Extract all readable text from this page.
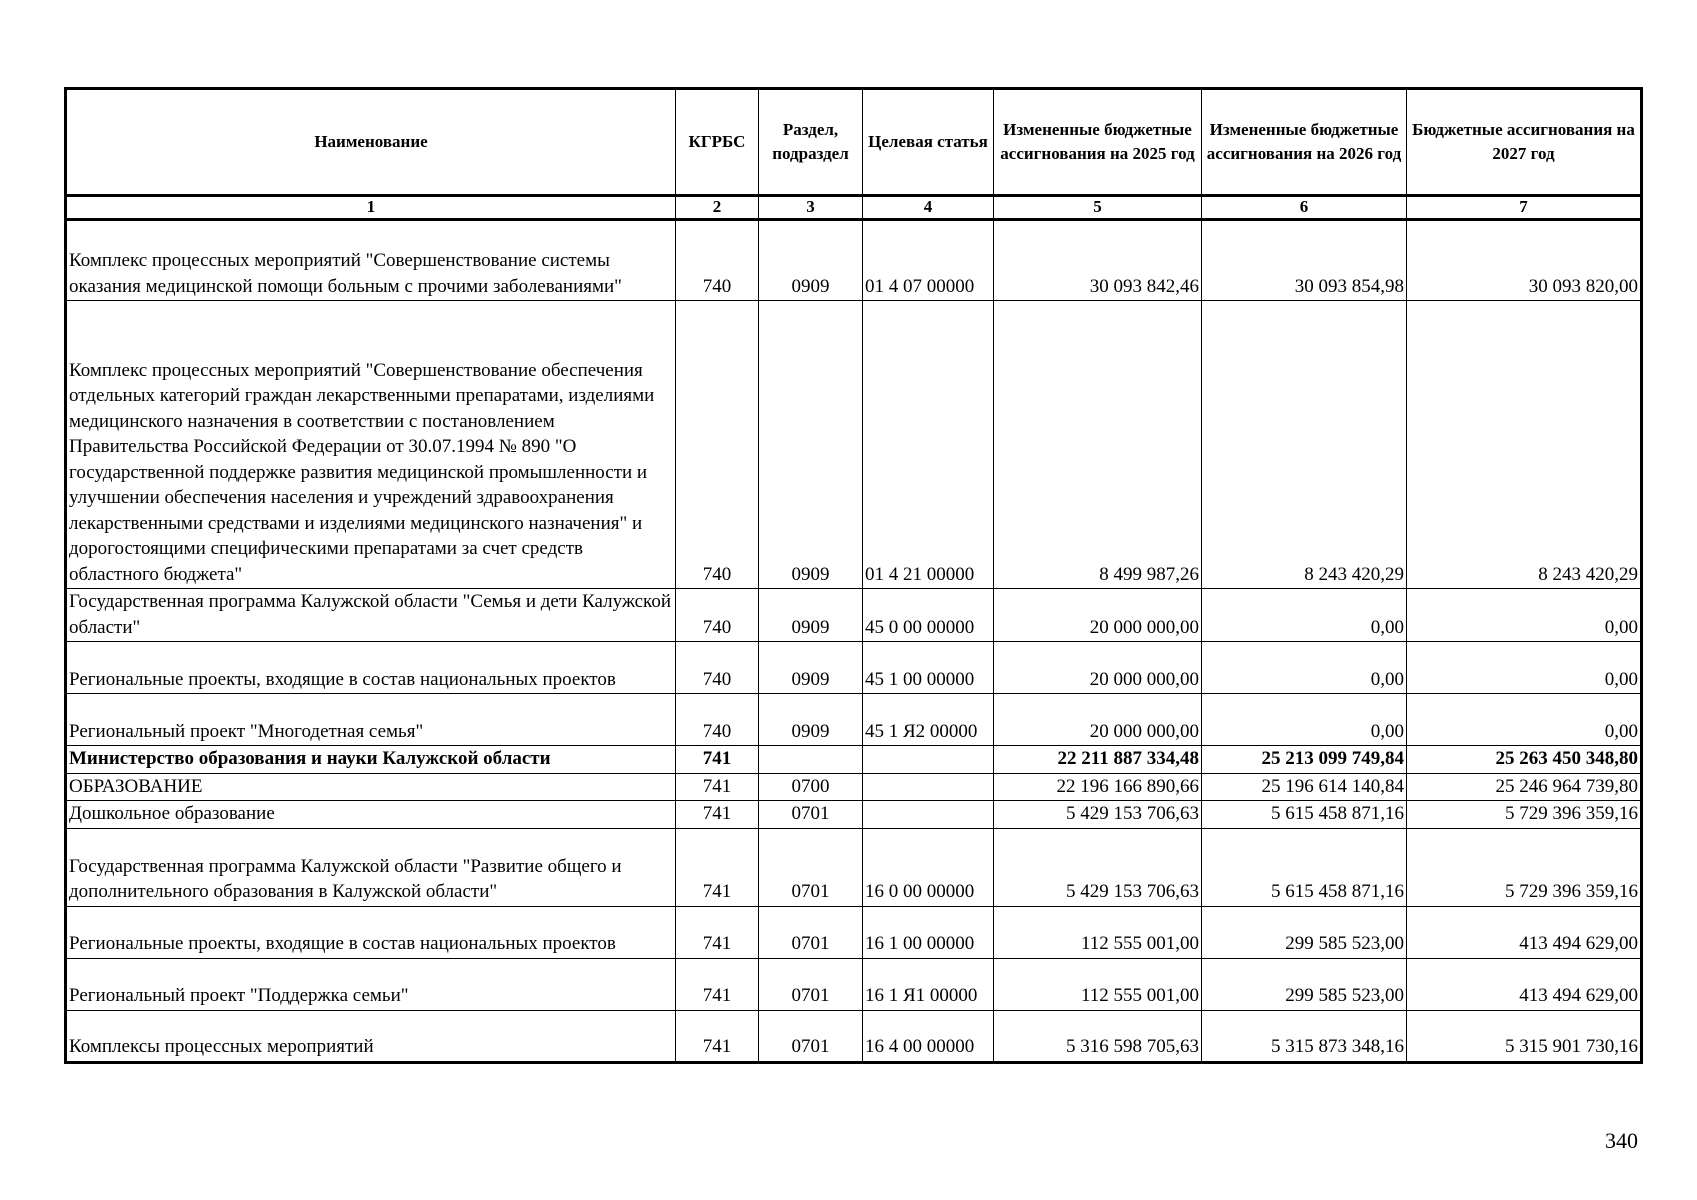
Наименование	КГРБС	Раздел, подраздел	Целевая статья	Измененные бюджетные ассигнования на 2025 год	Измененные бюджетные ассигнования на 2026 год	Бюджетные ассигнования на 2027 год
1	2	3	4	5	6	7
Комплекс процессных мероприятий "Совершенствование системы оказания медицинской помощи больным с прочими заболеваниями"	740	0909	01 4 07 00000	30 093 842,46	30 093 854,98	30 093 820,00
Комплекс процессных мероприятий "Совершенствование обеспечения отдельных категорий граждан лекарственными препаратами, изделиями медицинского назначения в соответствии с постановлением Правительства Российской Федерации от 30.07.1994 № 890 "О государственной поддержке развития медицинской промышленности и улучшении обеспечения населения и учреждений здравоохранения лекарственными средствами и изделиями медицинского назначения" и дорогостоящими специфическими препаратами за счет средств областного бюджета"	740	0909	01 4 21 00000	8 499 987,26	8 243 420,29	8 243 420,29
Государственная программа Калужской области "Семья и дети Калужской области"	740	0909	45 0 00 00000	20 000 000,00	0,00	0,00
Региональные проекты, входящие в состав национальных проектов	740	0909	45 1 00 00000	20 000 000,00	0,00	0,00
Региональный проект "Многодетная семья"	740	0909	45 1 Я2 00000	20 000 000,00	0,00	0,00
Министерство образования и науки Калужской области	741			22 211 887 334,48	25 213 099 749,84	25 263 450 348,80
ОБРАЗОВАНИЕ	741	0700		22 196 166 890,66	25 196 614 140,84	25 246 964 739,80
Дошкольное образование	741	0701		5 429 153 706,63	5 615 458 871,16	5 729 396 359,16
Государственная программа Калужской области "Развитие общего и дополнительного образования в Калужской области"	741	0701	16 0 00 00000	5 429 153 706,63	5 615 458 871,16	5 729 396 359,16
Региональные проекты, входящие в состав национальных проектов	741	0701	16 1 00 00000	112 555 001,00	299 585 523,00	413 494 629,00
Региональный проект "Поддержка семьи"	741	0701	16 1 Я1 00000	112 555 001,00	299 585 523,00	413 494 629,00
Комплексы процессных мероприятий	741	0701	16 4 00 00000	5 316 598 705,63	5 315 873 348,16	5 315 901 730,16
340
